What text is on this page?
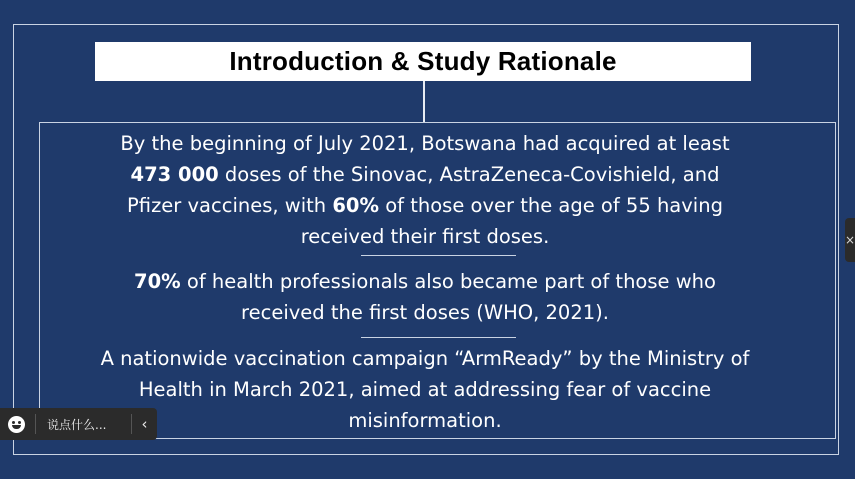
Introduction & Study Rationale
By the beginning of July 2021, Botswana had acquired at least
473 000 doses of the Sinovac, AstraZeneca-Covishield, and
Pfizer vaccines, with 60% of those over the age of 55 having
received their first doses.
70% of health professionals also became part of those who
received the first doses (WHO, 2021).
A nationwide vaccination campaign “ArmReady” by the Ministry of
Health in March 2021, aimed at addressing fear of vaccine
misinformation.
说点什么...	‹
×
